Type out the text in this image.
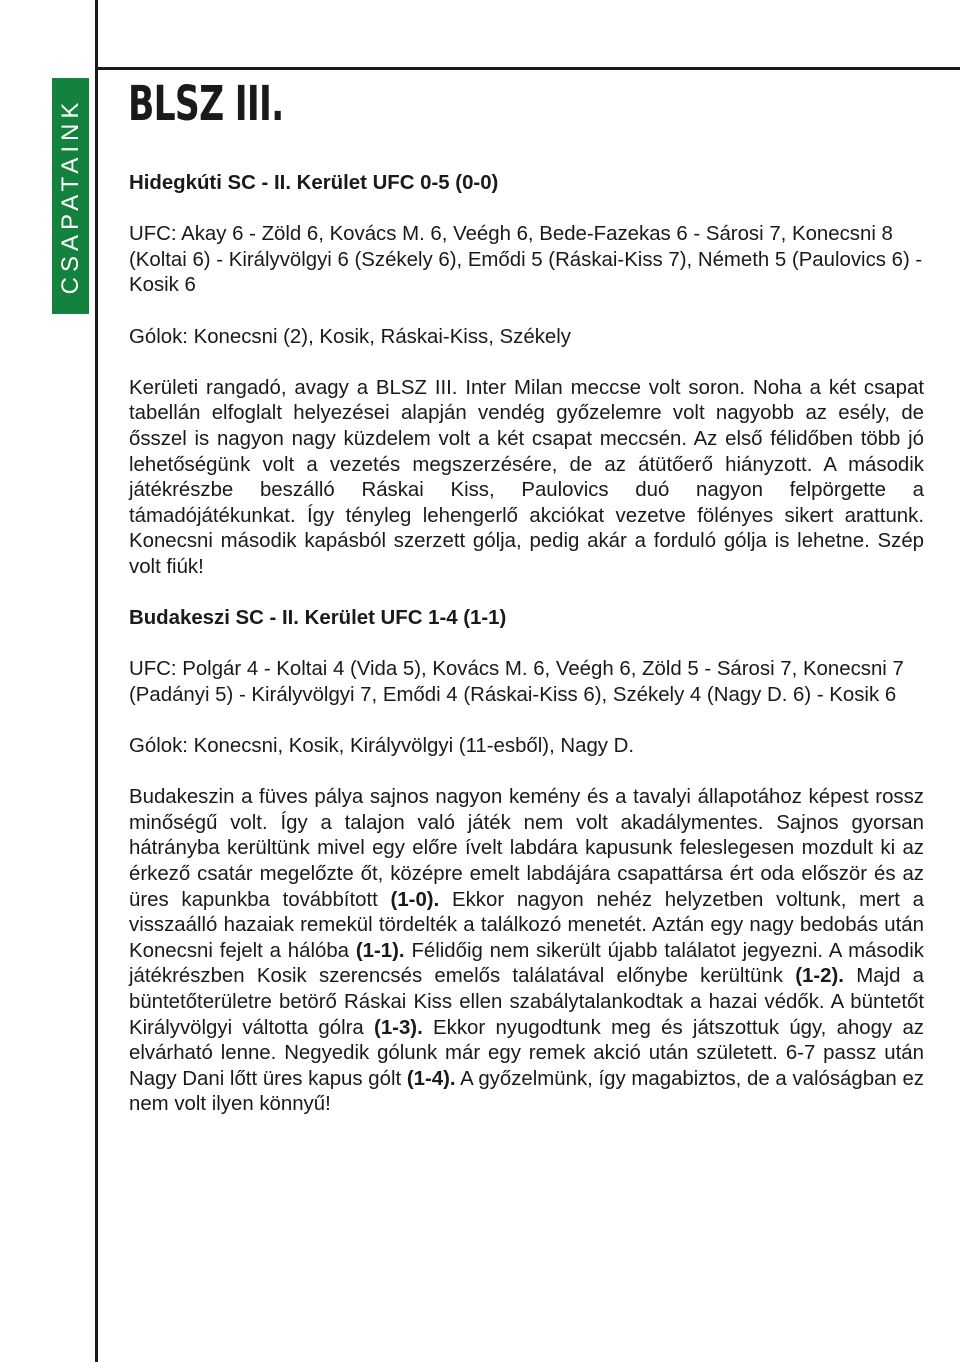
CSAPATAINK BLSZ III.

Hidegkúti SC - II. Kerület UFC 0-5 (0-0)

UFC: Akay 6 - Zöld 6, Kovács M. 6, Veégh 6, Bede-Fazekas 6 - Sárosi 7, Konecsni 8 (Koltai 6) - Királyvölgyi 6 (Székely 6), Emődi 5 (Ráskai-Kiss 7), Németh 5 (Paulovics 6) - Kosik 6

Gólok: Konecsni (2), Kosik, Ráskai-Kiss, Székely

Kerületi rangadó, avagy a BLSZ III. Inter Milan meccse volt soron. Noha a két csapat tabellán elfoglalt helyezései alapján vendég győzelemre volt nagyobb az esély, de ősszel is nagyon nagy küzdelem volt a két csapat meccsén. Az első félidőben több jó lehetőségünk volt a vezetés megszerzésére, de az átütőerő hiányzott. A második játékrészbe beszálló Ráskai Kiss, Paulovics duó nagyon felpörgette a támadójátékunkat. Így tényleg lehengerlő akciókat vezetve fölényes sikert arattunk. Konecsni második kapásból szerzett gólja, pedig akár a forduló gólja is lehetne. Szép volt fiúk!

Budakeszi SC - II. Kerület UFC 1-4 (1-1)

UFC: Polgár 4 - Koltai 4 (Vida 5), Kovács M. 6, Veégh 6, Zöld 5 - Sárosi 7, Konecsni 7 (Padányi 5) - Királyvölgyi 7, Emődi 4 (Ráskai-Kiss 6), Székely 4 (Nagy D. 6) - Kosik 6

Gólok: Konecsni, Kosik, Királyvölgyi (11-esből), Nagy D.

Budakeszin a füves pálya sajnos nagyon kemény és a tavalyi állapotához képest rossz minőségű volt. Így a talajon való játék nem volt akadálymentes. Sajnos gyorsan hátrányba kerültünk mivel egy előre ívelt labdára kapusunk feleslegesen mozdult ki az érkező csatár megelőzte őt, középre emelt labdájára csapattársa ért oda először és az üres kapunkba továbbított (1-0). Ekkor nagyon nehéz helyzetben voltunk, mert a visszaálló hazaiak remekül tördelték a találkozó menetét. Aztán egy nagy bedobás után Konecsni fejelt a hálóba (1-1). Félidőig nem sikerült újabb találatot jegyezni. A második játékrészben Kosik szerencsés emelős találatával előnybe kerültünk (1-2). Majd a büntetőterületre betörő Ráskai Kiss ellen szabálytalankodtak a hazai védők. A büntetőt Királyvölgyi váltotta gólra (1-3). Ekkor nyugodtunk meg és játszottuk úgy, ahogy az elvárható lenne. Negyedik gólunk már egy remek akció után született. 6-7 passz után Nagy Dani lőtt üres kapus gólt (1-4). A győzelmünk, így magabiztos, de a valóságban ez nem volt ilyen könnyű!
